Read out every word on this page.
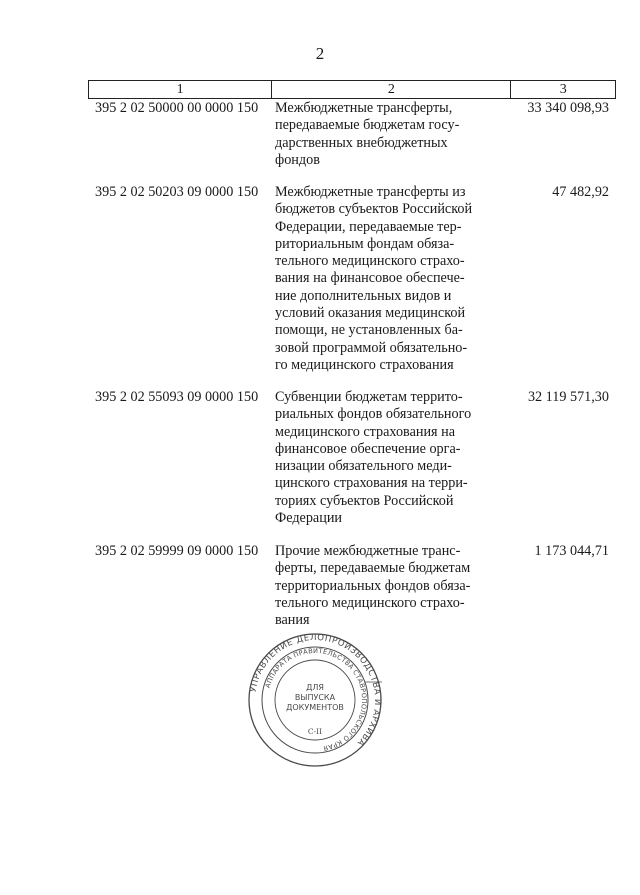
2
1	2	3
395 2 02 50000 00 0000 150 Межбюджетные трансферты,
передаваемые бюджетам госу-
дарственных внебюджетных
фондов
33 340 098,93
395 2 02 50203 09 0000 150 Межбюджетные трансферты из
бюджетов субъектов Российской
Федерации, передаваемые тер-
риториальным фондам обяза-
тельного медицинского страхо-
вания на финансовое обеспече-
ние дополнительных видов и
условий оказания медицинской
помощи, не установленных ба-
зовой программой обязательно-
го медицинского страхования
47 482,92
395 2 02 55093 09 0000 150 Субвенции бюджетам террито-
риальных фондов обязательного
медицинского страхования на
финансовое обеспечение орга-
низации обязательного меди-
цинского страхования на терри-
ториях субъектов Российской
Федерации
32 119 571,30
395 2 02 59999 09 0000 150 Прочие межбюджетные транс-
ферты, передаваемые бюджетам
территориальных фондов обяза-
тельного медицинского страхо-
вания
1 173 044,71
УПРАВЛЕНИЕ ДЕЛОПРОИЗВОДСТВА И АРХИВА
АППАРАТА ПРАВИТЕЛЬСТВА СТАВРОПОЛЬСКОГО КРАЯ
ДЛЯ
ВЫПУСКА
ДОКУМЕНТОВ
С-II
